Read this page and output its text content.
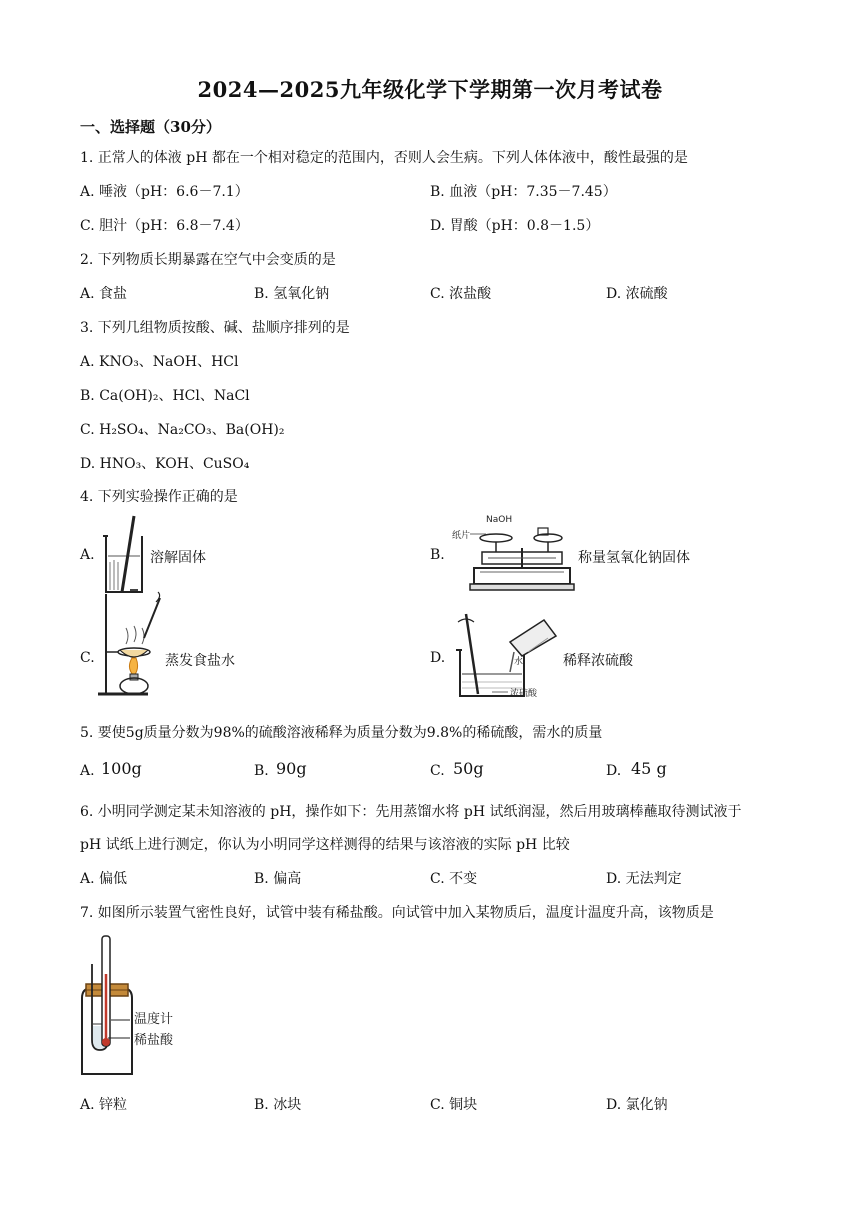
2024—2025九年级化学下学期第一次月考试卷
一、选择题（30分）
1. 正常人的体液 pH 都在一个相对稳定的范围内，否则人会生病。下列人体体液中，酸性最强的是
A. 唾液（pH：6.6－7.1）	B. 血液（pH：7.35－7.45）
C. 胆汁（pH：6.8－7.4）	D. 胃酸（pH：0.8－1.5）
2. 下列物质长期暴露在空气中会变质的是
A. 食盐	B. 氢氧化钠	C. 浓盐酸	D. 浓硫酸
3. 下列几组物质按酸、碱、盐顺序排列的是
A. KNO₃、NaOH、HCl
B. Ca(OH)₂、HCl、NaCl
C. H₂SO₄、Na₂CO₃、Ba(OH)₂
D. HNO₃、KOH、CuSO₄
4. 下列实验操作正确的是
A.	溶解固体	B.
NaOH
纸片
称量氢氧化钠固体
C.	蒸发食盐水	D.	水
浓硫酸
稀释浓硫酸
5. 要使5g质量分数为98%的硫酸溶液稀释为质量分数为9.8%的稀硫酸，需水的质量
A. 100g	B. 90g	C. 50g	D. 45 g
6. 小明同学测定某未知溶液的 pH，操作如下：先用蒸馏水将 pH 试纸润湿，然后用玻璃棒蘸取待测试液于
pH 试纸上进行测定，你认为小明同学这样测得的结果与该溶液的实际 pH 比较
A. 偏低	B. 偏高	C. 不变	D. 无法判定
7. 如图所示装置气密性良好，试管中装有稀盐酸。向试管中加入某物质后，温度计温度升高，该物质是
温度计
稀盐酸
A. 锌粒	B. 冰块	C. 铜块	D. 氯化钠
